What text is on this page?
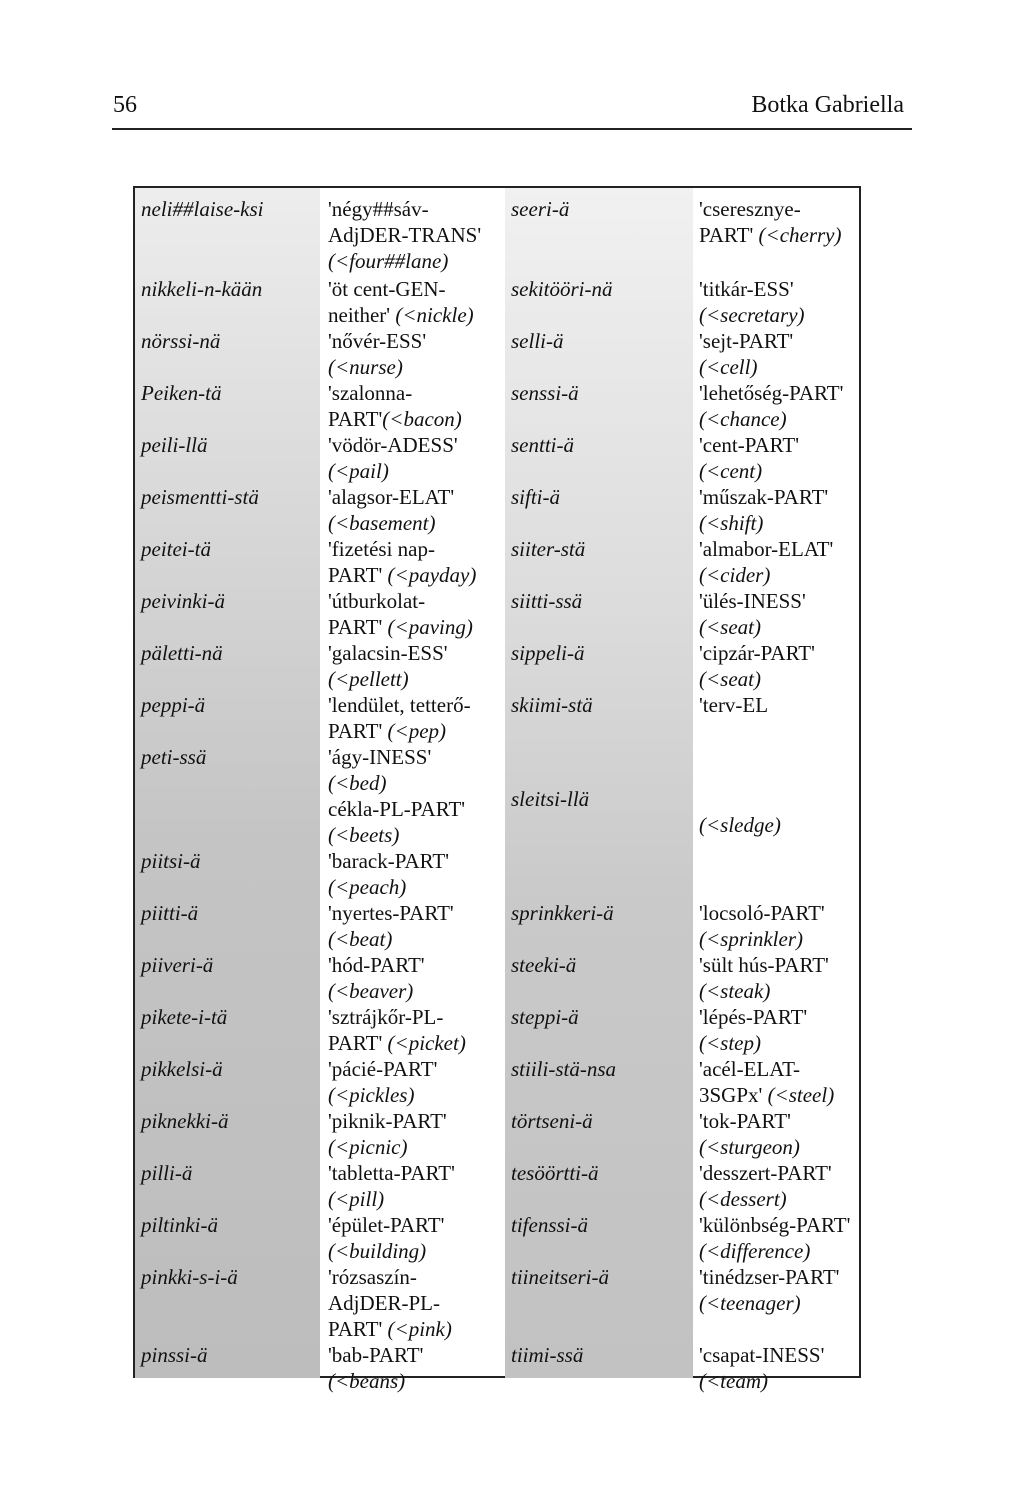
56	Botka Gabriella
neli##laise-ksi
nikkeli-n-kään
nörssi-nä
Peiken-tä
peili-llä
peismentti-stä
peitei-tä
peivinki-ä
päletti-nä
peppi-ä
peti-ssä
piitsi-ä
piitti-ä
piiveri-ä
pikete-i-tä
pikkelsi-ä
piknekki-ä
pilli-ä
piltinki-ä
pinkki-s-i-ä
pinssi-ä
'négy##sáv-
AdjDER-TRANS'
(<four##lane)
'öt cent-GEN-
neither' (<nickle)
'nővér-ESS'
(<nurse)
'szalonna-
PART'(<bacon)
'vödör-ADESS'
(<pail)
'alagsor-ELAT'
(<basement)
'fizetési nap-
PART' (<payday)
'útburkolat-
PART' (<paving)
'galacsin-ESS'
(<pellett)
'lendület, tetterő-
PART' (<pep)
'ágy-INESS'
(<bed)
cékla-PL-PART'
(<beets)
'barack-PART'
(<peach)
'nyertes-PART'
(<beat)
'hód-PART'
(<beaver)
'sztrájkőr-PL-
PART' (<picket)
'pácié-PART'
(<pickles)
'piknik-PART'
(<picnic)
'tabletta-PART'
(<pill)
'épület-PART'
(<building)
'rózsaszín-
AdjDER-PL-
PART' (<pink)
'bab-PART'
(<beans)
seeri-ä
sekitööri-nä
selli-ä
senssi-ä
sentti-ä
sifti-ä
siiter-stä
siitti-ssä
sippeli-ä
skiimi-stä
sleitsi-llä
sprinkkeri-ä
steeki-ä
steppi-ä
stiili-stä-nsa
törtseni-ä
tesöörtti-ä
tifenssi-ä
tiineitseri-ä
tiimi-ssä
'cseresznye-
PART' (<cherry)
'titkár-ESS'
(<secretary)
'sejt-PART'
(<cell)
'lehetőség-PART'
(<chance)
'cent-PART'
(<cent)
'műszak-PART'
(<shift)
'almabor-ELAT'
(<cider)
'ülés-INESS'
(<seat)
'cipzár-PART'
(<seat)
'terv-EL
(<sledge)
'locsoló-PART'
(<sprinkler)
'sült hús-PART'
(<steak)
'lépés-PART'
(<step)
'acél-ELAT-
3SGPx' (<steel)
'tok-PART'
(<sturgeon)
'desszert-PART'
(<dessert)
'különbség-PART'
(<difference)
'tinédzser-PART'
(<teenager)
'csapat-INESS'
(<team)
